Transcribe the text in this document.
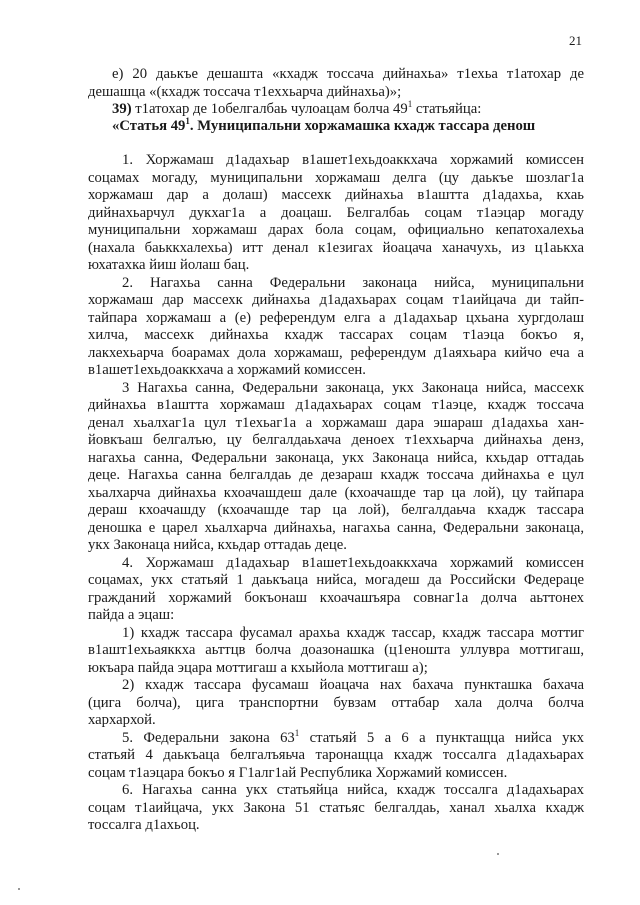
21
е) 20 даькъе дешашта «кхадж тоссача дийнахьа» т1ехьа т1атохар де
дешашца «(кхадж тоссача т1еххьарча дийнахьа)»;
39) т1атохар де 1обелгалбаь чулоацам болча $49^1$ статьяйца:
«Статья $49^1$. Муниципальни хоржамашка кхадж тассара денош
1. Хоржамаш д1адахьар в1ашет1ехьдоаккхача хоржамий комиссен
соцамах могаду, муниципальни хоржамаш делга (цу даькъе шозлаг1а
хоржамаш дар а долаш) массехк дийнахьа в1аштта д1адахьа, кхаь
дийнахьарчул дукхаг1а а доацаш. Белгалбаь соцам т1аэцар могаду
муниципальни хоржамаш дарах бола соцам, официально кепатохалехьа
(нахала баьккхалехьа) итт денал к1езигах йоацача ханачухь, из ц1аькха
юхатахка йиш йолаш бац.
2. Нагахьа санна Федеральни законаца нийса, муниципальни
хоржамаш дар массехк дийнахьа д1адахьарах соцам т1аийцача ди тайп-
тайпара хоржамаш а (е) референдум елга а д1адахьар цхьана хургдолаш
хилча, массехк дийнахьа кхадж тассарах соцам т1аэца бокъо я,
лакхехьарча боарамах дола хоржамаш, референдум д1аяхьара кийчо еча а
в1ашет1ехьдоаккхача а хоржамий комиссен.
3 Нагахьа санна, Федеральни законаца, укх Законаца нийса, массехк
дийнахьа в1аштта хоржамаш д1адахьарах соцам т1аэце, кхадж тоссача
денал хьалхаг1а цул т1ехьаг1а а хоржамаш дара эшараш д1адахьа хан-
йовкъаш белгалъю, цу белгалдаьхача деноех т1еххьарча дийнахьа денз,
нагахьа санна, Федеральни законаца, укх Законаца нийса, кхьдар оттадаь
деце. Нагахьа санна белгалдаь де дезараш кхадж тоссача дийнахьа е цул
хьалхарча дийнахьа кхоачашдеш дале (кхоачашде тар ца лой), цу тайпара
дераш кхоачашду (кхоачашде тар ца лой), белгалдаьча кхадж тассара
деношка е царел хьалхарча дийнахьа, нагахьа санна, Федеральни законаца,
укх Законаца нийса, кхьдар оттадаь деце.
4. Хоржамаш д1адахьар в1ашет1ехьдоаккхача хоржамий комиссен
соцамах, укх статьяй 1 даькъаца нийса, могадеш да Российски Федераце
гражданий хоржамий бокъонаш кхоачашъяра совнаг1а долча аьттонех
пайда а эцаш:
1) кхадж тассара фусамал арахьа кхадж тассар, кхадж тассара моттиг
в1ашт1ехьаяккха аьттцв болча доазонашка (ц1еношта уллувра моттигаш,
юкъара пайда эцара моттигаш а кхыйола моттигаш а);
2) кхадж тассара фусамаш йоацача нах бахача пункташка бахача
(цига болча), цига транспортни бувзам оттабар хала долча болча
хархархой.
5. Федеральни закона $63^1$ статьяй 5 а 6 а пунктащца нийса укх
статьяй 4 даькъаца белгалъяьча таронащца кхадж тоссалга д1адахьарах
соцам т1аэцара бокъо я Г1алг1ай Республика Хоржамий комиссен.
6. Нагахьа санна укх статьяйца нийса, кхадж тоссалга д1адахьарах
соцам т1аийцача, укх Закона 51 статьяс белгалдаь, ханал хьалха кхадж
тоссалга д1ахьоц.
